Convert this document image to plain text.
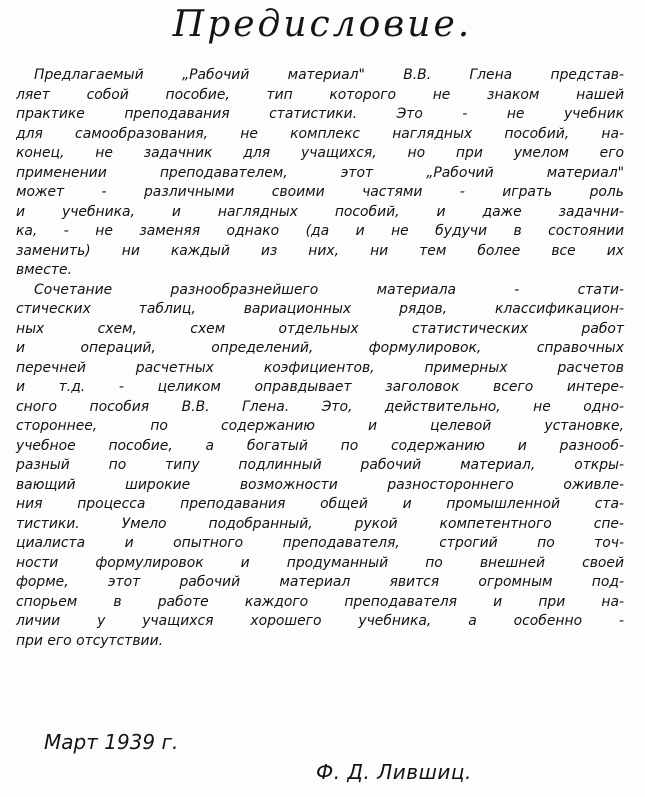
Предисловие.
Предлагаемый „Рабочий материал" В.В. Глена представ-
ляет собой пособие, тип которого не знаком нашей
практике преподавания статистики. Это - не учебник
для самообразования, не комплекс наглядных пособий, на-
конец, не задачник для учащихся, но при умелом его
применении преподавателем, этот „Рабочий материал"
может - различными своими частями - играть роль
и учебника, и наглядных пособий, и даже задачни-
ка, - не заменяя однако (да и не будучи в состоянии
заменить) ни каждый из них, ни тем более все их
вместе.
Сочетание разнообразнейшего материала - стати-
стических таблиц, вариационных рядов, классификацион-
ных схем, схем отдельных статистических работ
и операций, определений, формулировок, справочных
перечней расчетных коэфициентов, примерных расчетов
и т.д. - целиком оправдывает заголовок всего интере-
сного пособия В.В. Глена. Это, действительно, не одно-
стороннее, по содержанию и целевой установке,
учебное пособие, а богатый по содержанию и разнооб-
разный по типу подлинный рабочий материал, откры-
вающий широкие возможности разностороннего оживле-
ния процесса преподавания общей и промышленной ста-
тистики. Умело подобранный, рукой компетентного спе-
циалиста и опытного преподавателя, строгий по точ-
ности формулировок и продуманный по внешней своей
форме, этот рабочий материал явится огромным под-
спорьем в работе каждого преподавателя и при на-
личии у учащихся хорошего учебника, а особенно -
при его отсутствии.
Март 1939 г.
Ф. Д. Лившиц.
